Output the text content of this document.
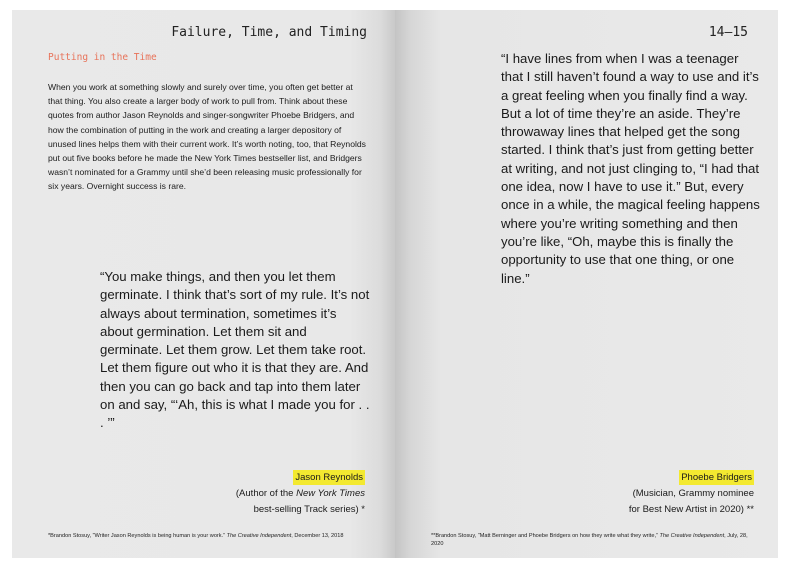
Failure, Time, and Timing
Putting in the Time

When you work at something slowly and surely over time, you often get better at that thing. You also create a larger body of work to pull from. Think about these quotes from author Jason Reynolds and singer-songwriter Phoebe Bridgers, and how the combination of putting in the work and creating a larger depository of unused lines helps them with their current work. It’s worth noting, too, that Reynolds put out five books before he made the New York Times bestseller list, and Bridgers wasn’t nominated for a Grammy until she’d been releasing music professionally for six years. Overnight success is rare.

“You make things, and then you let them germinate. I think that’s sort of my rule. It’s not always about termination, sometimes it’s about germination. Let them sit and germinate. Let them grow. Let them take root. Let them figure out who it is that they are. And then you can go back and tap into them later on and say, “‘Ah, this is what I made you for . . . ’”

Jason Reynolds
(Author of the New York Times
best-selling Track series) *
*Brandon Stosuy, “Writer Jason Reynolds is being human is your work.” The Creative Independent, December 13, 2018
14–15

“I have lines from when I was a teenager that I still haven’t found a way to use and it’s a great feeling when you finally find a way. But a lot of time they’re an aside. They’re throwaway lines that helped get the song started. I think that’s just from getting better at writing, and not just clinging to, “I had that one idea, now I have to use it.” But, every once in a while, the magical feeling happens where you’re writing something and then you’re like, “Oh, maybe this is finally the opportunity to use that one thing, or one line.”

Phoebe Bridgers
(Musician, Grammy nominee
for Best New Artist in 2020) **
**Brandon Stosuy, “Matt Berninger and Phoebe Bridgers on how they write what they write,” The Creative Independent, July, 28, 2020
